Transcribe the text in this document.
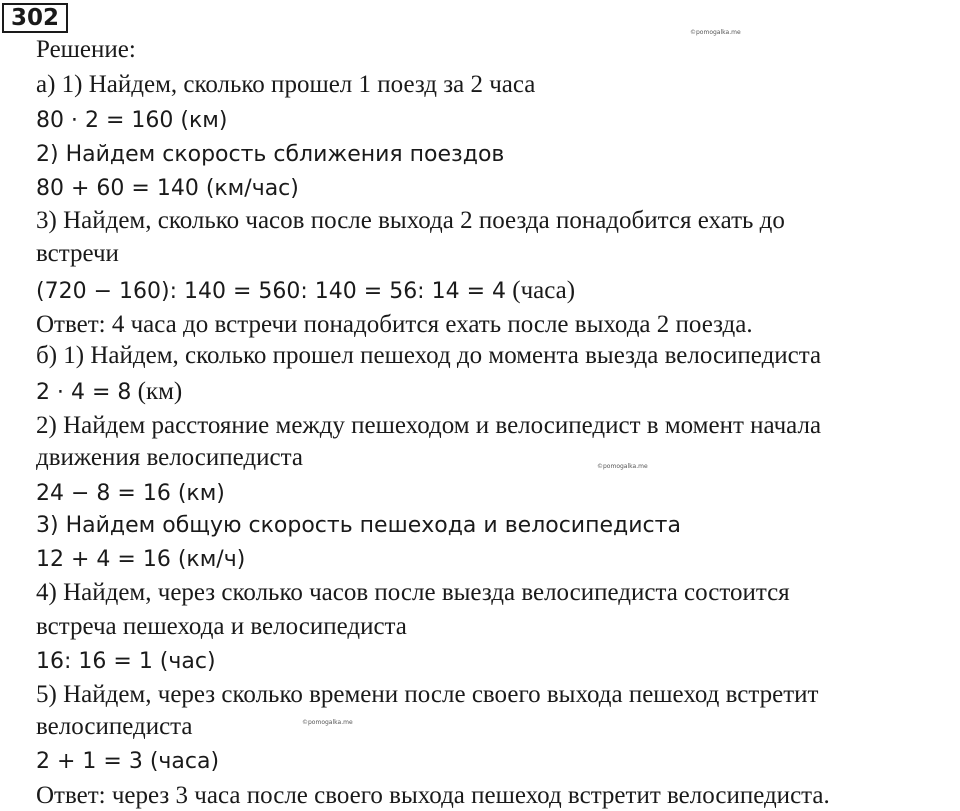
302
©pomogalka.me
©pomogalka.me
©pomogalka.me
Решение:
а) 1) Найдем, сколько прошел 1 поезд за 2 часа
80 ⋅ 2 = 160 (км)
2) Найдем скорость сближения поездов
80 + 60 = 140 (км/час)
3) Найдем, сколько часов после выхода 2 поезда понадобится ехать до
встречи
(720 − 160): 140 = 560: 140 = 56: 14 = 4 (часа)
Ответ: 4 часа до встречи понадобится ехать после выхода 2 поезда.
б) 1) Найдем, сколько прошел пешеход до момента выезда велосипедиста
2 ⋅ 4 = 8 (км)
2) Найдем расстояние между пешеходом и велосипедист в момент начала
движения велосипедиста
24 − 8 = 16 (км)
3) Найдем общую скорость пешехода и велосипедиста
12 + 4 = 16 (км/ч)
4) Найдем, через сколько часов после выезда велосипедиста состоится
встреча пешехода и велосипедиста
16: 16 = 1 (час)
5) Найдем, через сколько времени после своего выхода пешеход встретит
велосипедиста
2 + 1 = 3 (часа)
Ответ: через 3 часа после своего выхода пешеход встретит велосипедиста.
